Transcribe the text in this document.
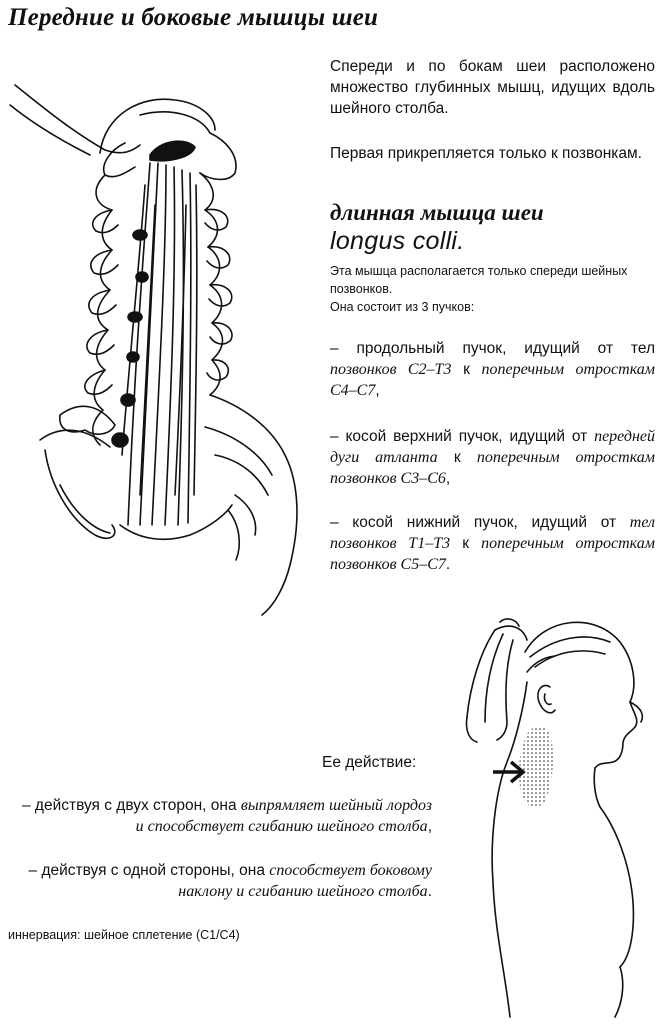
Передние и боковые мышцы шеи
Спереди и по бокам шеи расположено множество глубинных мышц, идущих вдоль шейного столба.
Первая прикрепляется только к позвонкам.
длинная мышца шеи
longus colli.
Эта мышца располагается только спереди шейных позвонков.
Она состоит из 3 пучков:
– продольный пучок, идущий от тел позвонков С2–Т3 к поперечным отросткам С4–С7,
– косой верхний пучок, идущий от передней дуги атланта к поперечным отросткам позвонков С3–С6,
– косой нижний пучок, идущий от тел позвонков Т1–Т3 к поперечным отросткам позвонков С5–С7.
Ее действие:
– действуя с двух сторон, она выпрямляет шейный лордоз и способствует сгибанию шейного столба,
– действуя с одной стороны, она способствует боковому наклону и сгибанию шейного столба.
иннервация: шейное сплетение (С1/С4)
